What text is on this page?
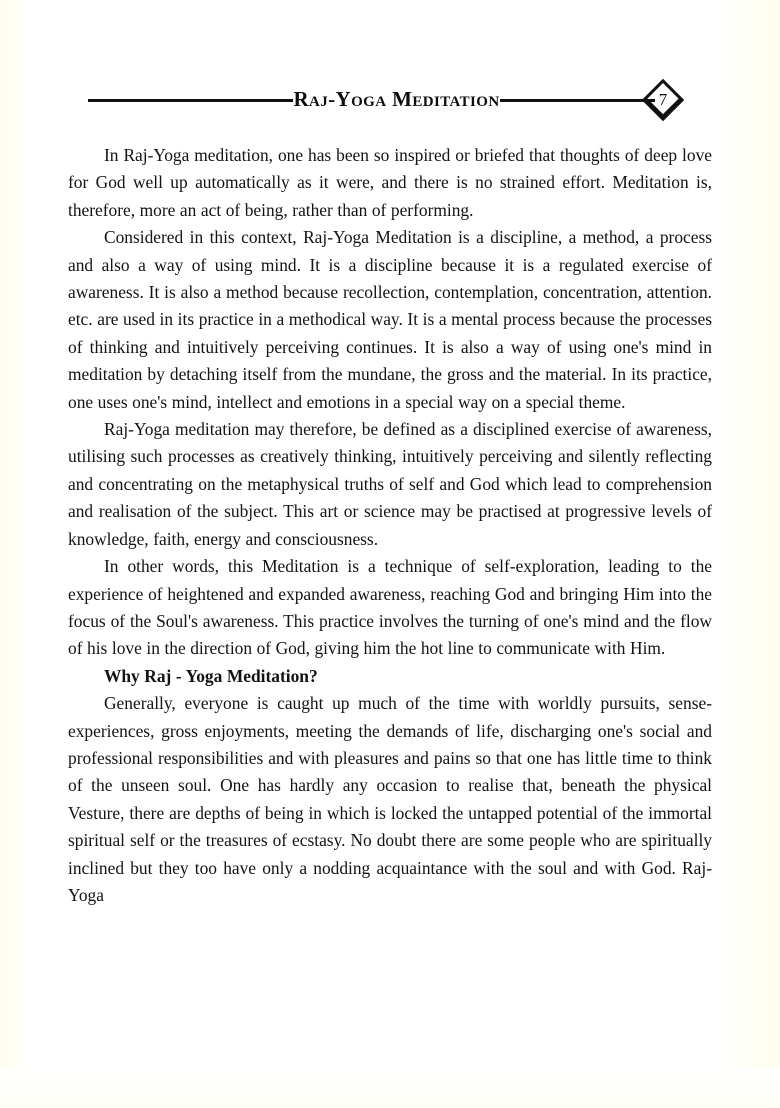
Raj-Yoga Meditation	7

In Raj-Yoga meditation, one has been so inspired or briefed that thoughts of deep love for God well up automatically as it were, and there is no strained effort. Meditation is, therefore, more an act of being, rather than of performing.

Considered in this context, Raj-Yoga Meditation is a discipline, a method, a process and also a way of using mind. It is a discipline because it is a regulated exercise of awareness. It is also a method because recollection, contemplation, concentration, attention. etc. are used in its practice in a methodical way. It is a mental process because the processes of thinking and intuitively perceiving continues. It is also a way of using one's mind in meditation by detaching itself from the mundane, the gross and the material. In its practice, one uses one's mind, intellect and emotions in a special way on a special theme.

Raj-Yoga meditation may therefore, be defined as a disciplined exercise of awareness, utilising such processes as creatively thinking, intuitively perceiving and silently reflecting and concentrating on the metaphysical truths of self and God which lead to comprehension and realisation of the subject. This art or science may be practised at progressive levels of knowledge, faith, energy and consciousness.

In other words, this Meditation is a technique of self-exploration, leading to the experience of heightened and expanded awareness, reaching God and bringing Him into the focus of the Soul's awareness. This practice involves the turning of one's mind and the flow of his love in the direction of God, giving him the hot line to communicate with Him.

Why Raj - Yoga Meditation?

Generally, everyone is caught up much of the time with worldly pursuits, sense-experiences, gross enjoyments, meeting the demands of life, discharging one's social and professional responsibilities and with pleasures and pains so that one has little time to think of the unseen soul. One has hardly any occasion to realise that, beneath the physical Vesture, there are depths of being in which is locked the untapped potential of the immortal spiritual self or the treasures of ecstasy. No doubt there are some people who are spiritually inclined but they too have only a nodding acquaintance with the soul and with God. Raj-Yoga
